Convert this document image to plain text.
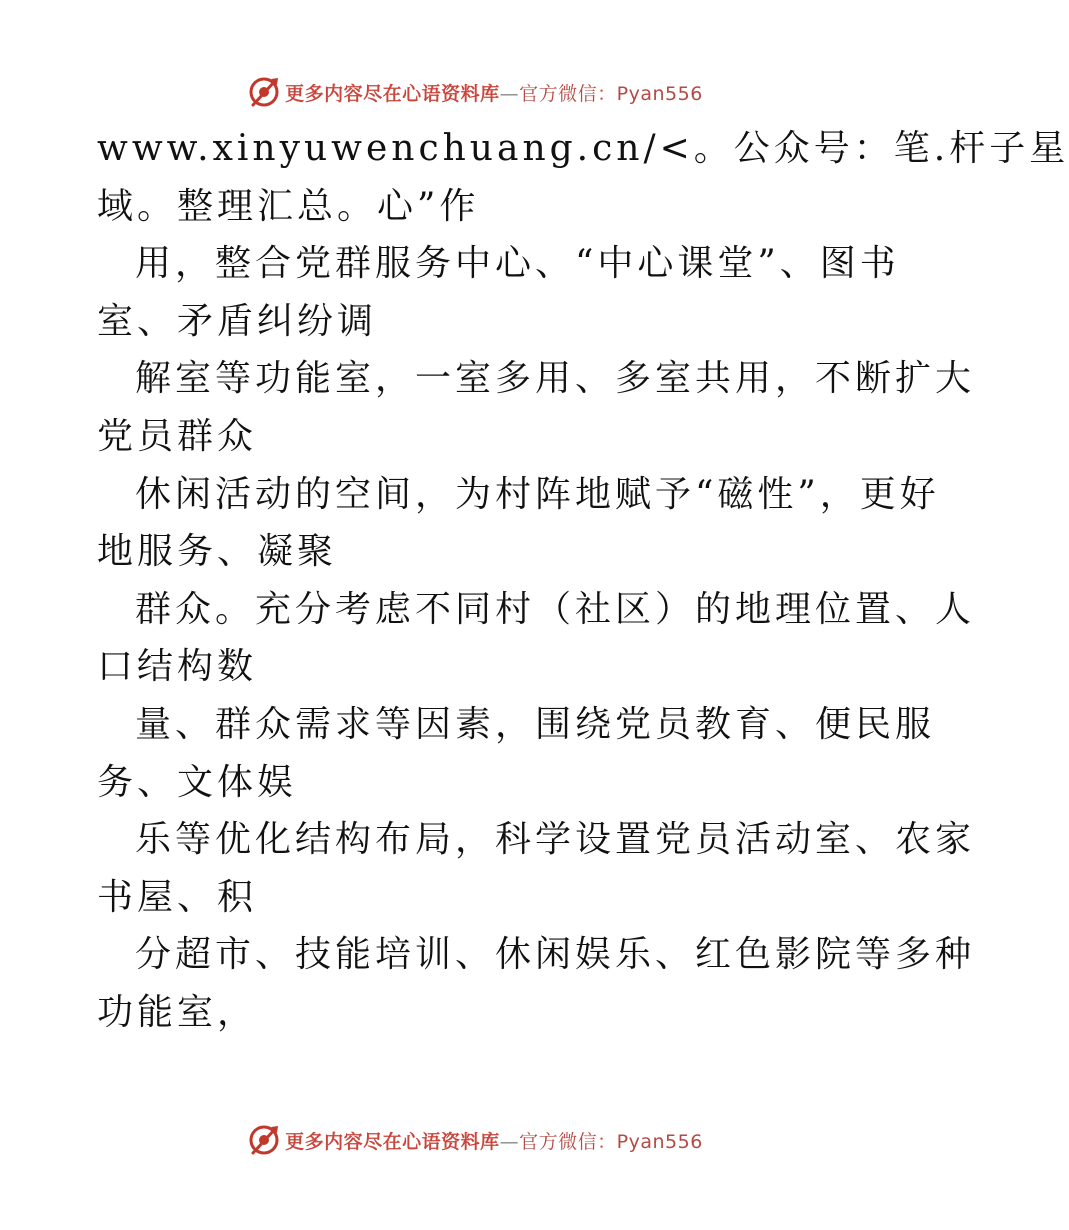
更多内容尽在心语资料库—官方微信：Pyan556
www.xinyuwenchuang.cn/<。公众号：笔.杆子星
域。整理汇总。心”作
用，整合党群服务中心、“中心课堂”、图书
室、矛盾纠纷调
解室等功能室，一室多用、多室共用，不断扩大
党员群众
休闲活动的空间，为村阵地赋予“磁性”，更好
地服务、凝聚
群众。充分考虑不同村（社区）的地理位置、人
口结构数
量、群众需求等因素，围绕党员教育、便民服
务、文体娱
乐等优化结构布局，科学设置党员活动室、农家
书屋、积
分超市、技能培训、休闲娱乐、红色影院等多种
功能室，
更多内容尽在心语资料库—官方微信：Pyan556
